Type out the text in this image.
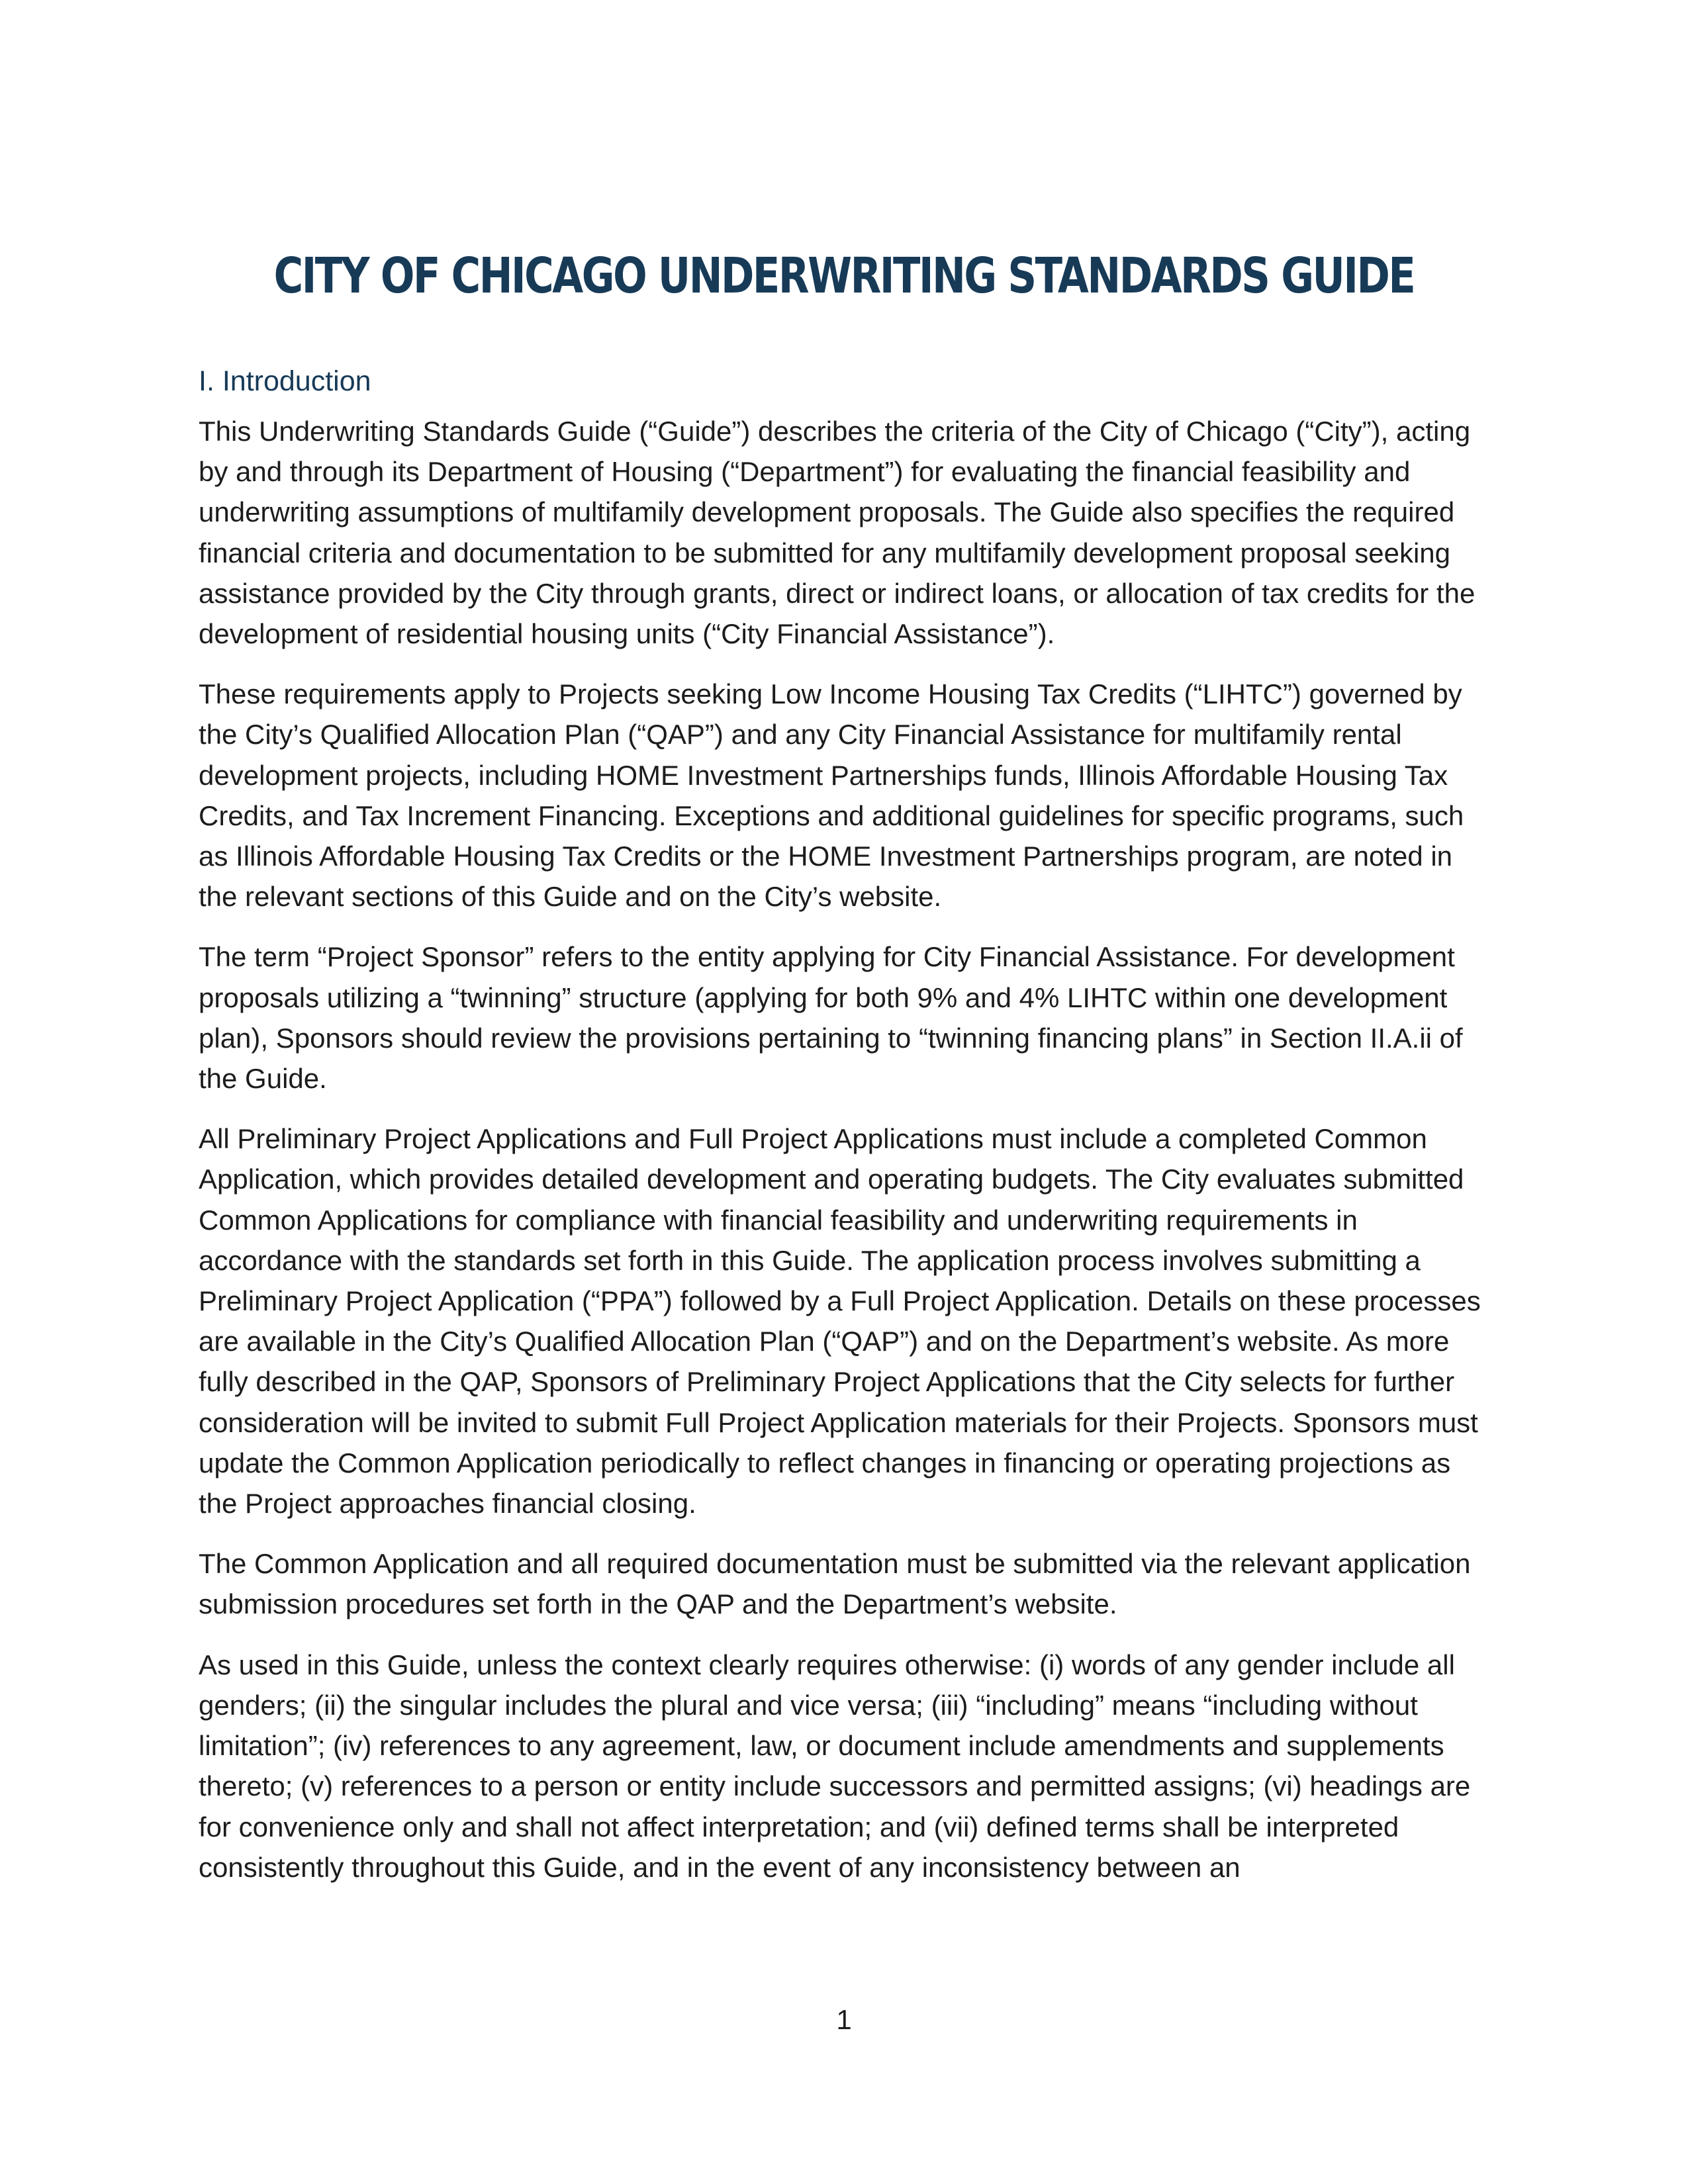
CITY OF CHICAGO UNDERWRITING STANDARDS GUIDE
I. Introduction

This Underwriting Standards Guide (“Guide”) describes the criteria of the City of Chicago (“City”), acting by and through its Department of Housing (“Department”) for evaluating the financial feasibility and underwriting assumptions of multifamily development proposals. The Guide also specifies the required financial criteria and documentation to be submitted for any multifamily development proposal seeking assistance provided by the City through grants, direct or indirect loans, or allocation of tax credits for the development of residential housing units (“City Financial Assistance”).

These requirements apply to Projects seeking Low Income Housing Tax Credits (“LIHTC”) governed by the City’s Qualified Allocation Plan (“QAP”) and any City Financial Assistance for multifamily rental development projects, including HOME Investment Partnerships funds, Illinois Affordable Housing Tax Credits, and Tax Increment Financing. Exceptions and additional guidelines for specific programs, such as Illinois Affordable Housing Tax Credits or the HOME Investment Partnerships program, are noted in the relevant sections of this Guide and on the City’s website.

The term “Project Sponsor” refers to the entity applying for City Financial Assistance. For development proposals utilizing a “twinning” structure (applying for both 9% and 4% LIHTC within one development plan), Sponsors should review the provisions pertaining to “twinning financing plans” in Section II.A.ii of the Guide.

All Preliminary Project Applications and Full Project Applications must include a completed Common Application, which provides detailed development and operating budgets. The City evaluates submitted Common Applications for compliance with financial feasibility and underwriting requirements in accordance with the standards set forth in this Guide. The application process involves submitting a Preliminary Project Application (“PPA”) followed by a Full Project Application. Details on these processes are available in the City’s Qualified Allocation Plan (“QAP”) and on the Department’s website. As more fully described in the QAP, Sponsors of Preliminary Project Applications that the City selects for further consideration will be invited to submit Full Project Application materials for their Projects. Sponsors must update the Common Application periodically to reflect changes in financing or operating projections as the Project approaches financial closing.

The Common Application and all required documentation must be submitted via the relevant application submission procedures set forth in the QAP and the Department’s website.

As used in this Guide, unless the context clearly requires otherwise: (i) words of any gender include all genders; (ii) the singular includes the plural and vice versa; (iii) “including” means “including without limitation”; (iv) references to any agreement, law, or document include amendments and supplements thereto; (v) references to a person or entity include successors and permitted assigns; (vi) headings are for convenience only and shall not affect interpretation; and (vii) defined terms shall be interpreted consistently throughout this Guide, and in the event of any inconsistency between an

1
